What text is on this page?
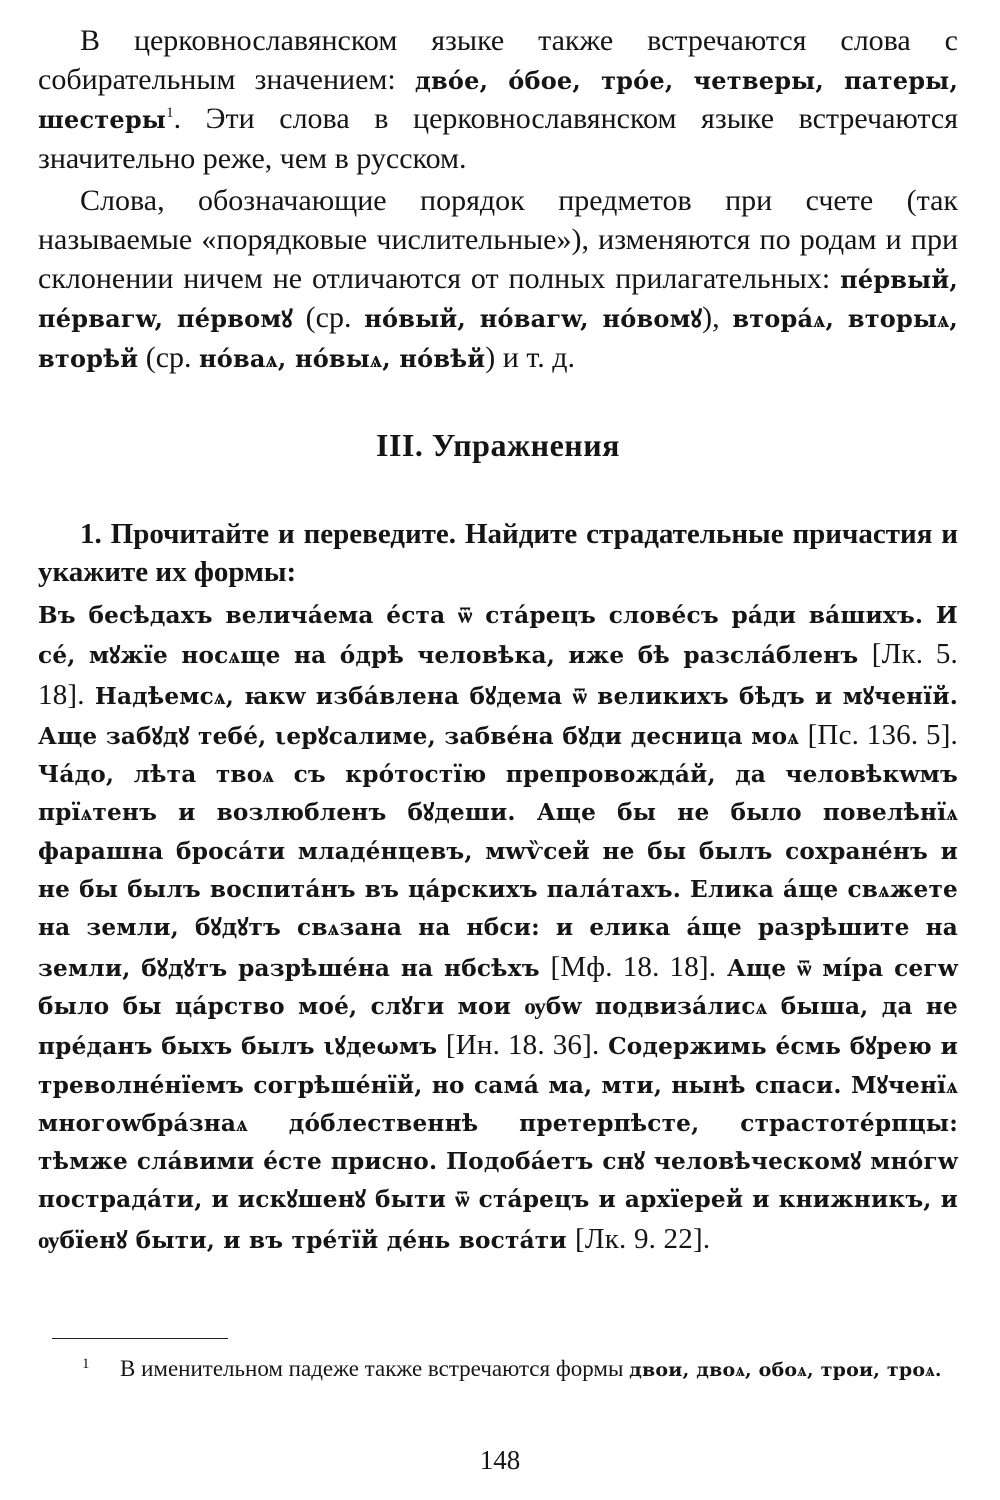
В церковнославянском языке также встречаются слова с собирательным значением: двóе, óбое, трóе, четверы, патеры, шестеры$^1$. Эти слова в церковнославянском языке встречаются значительно реже, чем в русском.

Слова, обозначающие порядок предметов при счете (так называемые «порядковые числительные»), изменяются по родам и при склонении ничем не отличаются от полных прилагательных: пéрвый, пéрвагw, пéрвомꙋ (ср. нóвый, нóвагw, нóвомꙋ), вторáѧ, вторыѧ, вторѣй (ср. нóваѧ, нóвыѧ, нóвѣй) и т. д.

III. Упражнения

1. Прочитайте и переведите. Найдите страдательные причастия и укажите их формы:

Въ бесѣдахъ величáема éста ѿ стáрецъ словéсъ рáди вáшихъ. И сé, мꙋжїе носѧще на óдрѣ человѣка, иже бѣ разслáбленъ [Лк. 5. 18]. Надѣемсѧ, ꙗкw избáвлена бꙋдема ѿ великихъ бѣдъ и мꙋченїй. Аще забꙋдꙋ тебé, ιерꙋсалиме, забвéна бꙋди десница моѧ [Пс. 136. 5]. Чáдо, лѣта твоѧ съ крóтостїю препровождáй, да человѣкwмъ прїѧтенъ и возлюбленъ бꙋдеши. Аще бы не было повелѣнїѧ фарашна бросáти младéнцевъ, мwѷсей не бы былъ сохранéнъ и не бы былъ воспитáнъ въ цáрскихъ палáтахъ. Елика áще свѧжете на земли, бꙋдꙋтъ свѧзана на нбси: и елика áще разрѣшите на земли, бꙋдꙋтъ разрѣшéна на нбсѣхъ [Мф. 18. 18]. Аще ѿ мíра сегw было бы цáрство моé, слꙋги мои ѹбw подвизáлисѧ быша, да не прéданъ быхъ былъ ιꙋдеωмъ [Ин. 18. 36]. Содержимь éсмь бꙋрею и треволнéнїемъ согрѣшéнїй, но самá ма, мти, нынѣ спаси. Мꙋченїѧ многоwбрáзнаѧ дóблественнѣ претерпѣсте, страстотéрпцы: тѣмже слáвими éсте присно. Подобáетъ снꙋ человѣческомꙋ мнóгw пострадáти, и искꙋшенꙋ быти ѿ стáрецъ и архїерей и книжникъ, и ѹбїенꙋ быти, и въ трéтїй дéнь востáти [Лк. 9. 22].

1 В именительном падеже также встречаются формы двои, двоѧ, обоѧ, трои, троѧ.
148
